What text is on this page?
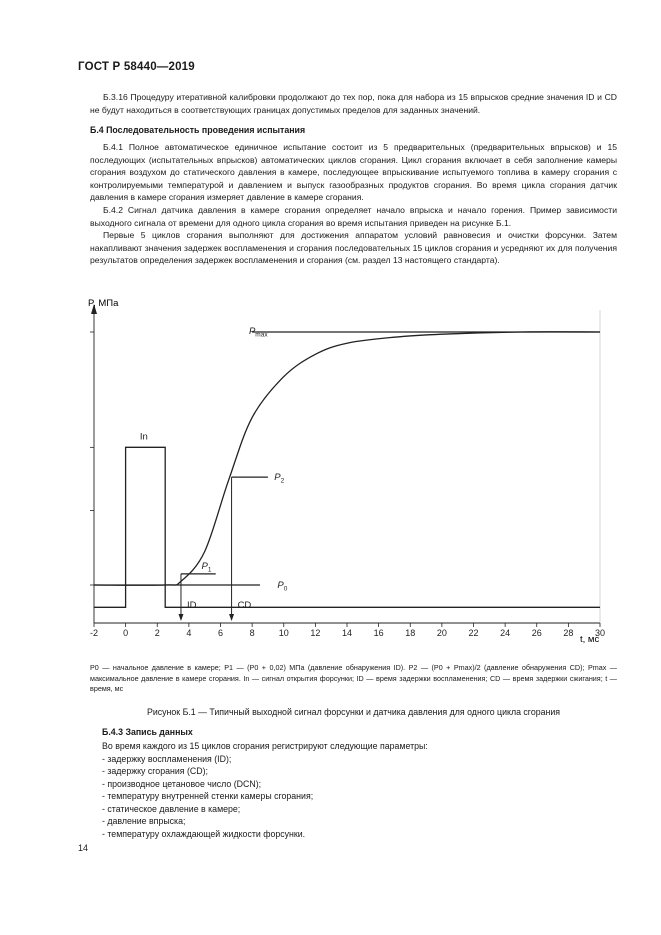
ГОСТ Р 58440—2019

Б.3.16 Процедуру итеративной калибровки продолжают до тех пор, пока для набора из 15 впрысков средние значения ID и CD не будут находиться в соответствующих границах допустимых пределов для заданных значений.

Б.4 Последовательность проведения испытания

Б.4.1 Полное автоматическое единичное испытание состоит из 5 предварительных (предварительных впрысков) и 15 последующих (испытательных впрысков) автоматических циклов сгорания. Цикл сгорания включает в себя заполнение камеры сгорания воздухом до статического давления в камере, последующее впрыскивание испытуемого топлива в камеру сгорания с контролируемыми температурой и давлением и выпуск газообразных продуктов сгорания. Во время цикла сгорания датчик давления в камере сгорания измеряет давление в камере сгорания.

Б.4.2 Сигнал датчика давления в камере сгорания определяет начало впрыска и начало горения. Пример зависимости выходного сигнала от времени для одного цикла сгорания во время испытания приведен на рисунке Б.1.

Первые 5 циклов сгорания выполняют для достижения аппаратом условий равновесия и очистки форсунки. Затем накапливают значения задержек воспламенения и сгорания последовательных 15 циклов сгорания и усредняют их для получения результатов определения задержек воспламенения и сгорания (см. раздел 13 настоящего стандарта).

P, МПа
t, мс
-2	0	2	4	6	8	10 12 14 16 18 20 22 24 26 28 30
In
$P_{max}$
$P_2$
$P_1$
$P_0$
ID	CD
P0 — начальное давление в камере; P1 — (P0 + 0,02) МПа (давление обнаружения ID). P2 — (P0 + Pmax)/2 (давление обнаружения CD); Pmax — максимальное давление в камере сгорания. In — сигнал открытия форсунки; ID — время задержки воспламенения; CD — время задержки сжигания; t — время, мс
Рисунок Б.1 — Типичный выходной сигнал форсунки и датчика давления для одного цикла сгорания
Б.4.3 Запись данных
Во время каждого из 15 циклов сгорания регистрируют следующие параметры:
- задержку воспламенения (ID);
- задержку сгорания (CD);
- производное цетановое число (DCN);
- температуру внутренней стенки камеры сгорания;
- статическое давление в камере;
- давление впрыска;
- температуру охлаждающей жидкости форсунки.
14
